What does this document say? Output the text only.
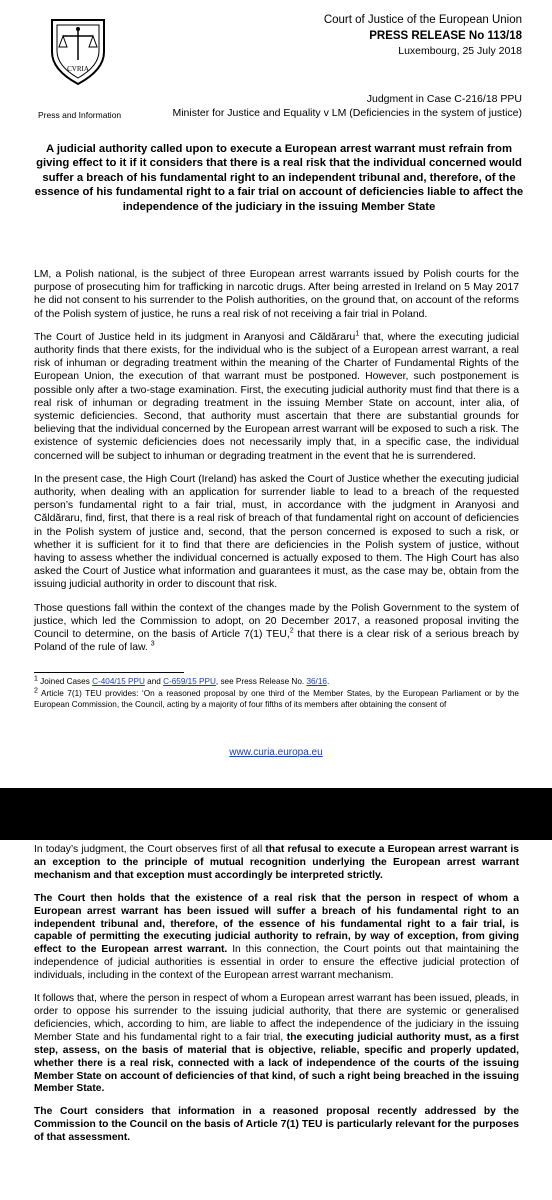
CVRIA
Press and Information
Court of Justice of the European Union
PRESS RELEASE No 113/18
Luxembourg, 25 July 2018
Judgment in Case C-216/18 PPU
Minister for Justice and Equality v LM (Deficiencies in the system of justice)
A judicial authority called upon to execute a European arrest warrant must refrain from giving effect to it if it considers that there is a real risk that the individual concerned would suffer a breach of his fundamental right to an independent tribunal and, therefore, of the essence of his fundamental right to a fair trial on account of deficiencies liable to affect the independence of the judiciary in the issuing Member State

LM, a Polish national, is the subject of three European arrest warrants issued by Polish courts for the purpose of prosecuting him for trafficking in narcotic drugs. After being arrested in Ireland on 5 May 2017 he did not consent to his surrender to the Polish authorities, on the ground that, on account of the reforms of the Polish system of justice, he runs a real risk of not receiving a fair trial in Poland.

The Court of Justice held in its judgment in Aranyosi and Căldăraru$^1$ that, where the executing judicial authority finds that there exists, for the individual who is the subject of a European arrest warrant, a real risk of inhuman or degrading treatment within the meaning of the Charter of Fundamental Rights of the European Union, the execution of that warrant must be postponed. However, such postponement is possible only after a two-stage examination. First, the executing judicial authority must find that there is a real risk of inhuman or degrading treatment in the issuing Member State on account, inter alia, of systemic deficiencies. Second, that authority must ascertain that there are substantial grounds for believing that the individual concerned by the European arrest warrant will be exposed to such a risk. The existence of systemic deficiencies does not necessarily imply that, in a specific case, the individual concerned will be subject to inhuman or degrading treatment in the event that he is surrendered.

In the present case, the High Court (Ireland) has asked the Court of Justice whether the executing judicial authority, when dealing with an application for surrender liable to lead to a breach of the requested person’s fundamental right to a fair trial, must, in accordance with the judgment in Aranyosi and Căldăraru, find, first, that there is a real risk of breach of that fundamental right on account of deficiencies in the Polish system of justice and, second, that the person concerned is exposed to such a risk, or whether it is sufficient for it to find that there are deficiencies in the Polish system of justice, without having to assess whether the individual concerned is actually exposed to them. The High Court has also asked the Court of Justice what information and guarantees it must, as the case may be, obtain from the issuing judicial authority in order to discount that risk.

Those questions fall within the context of the changes made by the Polish Government to the system of justice, which led the Commission to adopt, on 20 December 2017, a reasoned proposal inviting the Council to determine, on the basis of Article 7(1) TEU,$^2$ that there is a clear risk of a serious breach by Poland of the rule of law. $^3$

$^1$ Joined Cases C-404/15 PPU and C-659/15 PPU, see Press Release No. 36/16.
$^2$ Article 7(1) TEU provides: ‘On a reasoned proposal by one third of the Member States, by the European Parliament or by the European Commission, the Council, acting by a majority of four fifths of its members after obtaining the consent of
www.curia.europa.eu

In today’s judgment, the Court observes first of all that refusal to execute a European arrest warrant is an exception to the principle of mutual recognition underlying the European arrest warrant mechanism and that exception must accordingly be interpreted strictly.

The Court then holds that the existence of a real risk that the person in respect of whom a European arrest warrant has been issued will suffer a breach of his fundamental right to an independent tribunal and, therefore, of the essence of his fundamental right to a fair trial, is capable of permitting the executing judicial authority to refrain, by way of exception, from giving effect to the European arrest warrant. In this connection, the Court points out that maintaining the independence of judicial authorities is essential in order to ensure the effective judicial protection of individuals, including in the context of the European arrest warrant mechanism.

It follows that, where the person in respect of whom a European arrest warrant has been issued, pleads, in order to oppose his surrender to the issuing judicial authority, that there are systemic or generalised deficiencies, which, according to him, are liable to affect the independence of the judiciary in the issuing Member State and his fundamental right to a fair trial, the executing judicial authority must, as a first step, assess, on the basis of material that is objective, reliable, specific and properly updated, whether there is a real risk, connected with a lack of independence of the courts of the issuing Member State on account of deficiencies of that kind, of such a right being breached in the issuing Member State.

The Court considers that information in a reasoned proposal recently addressed by the Commission to the Council on the basis of Article 7(1) TEU is particularly relevant for the purposes of that assessment.
